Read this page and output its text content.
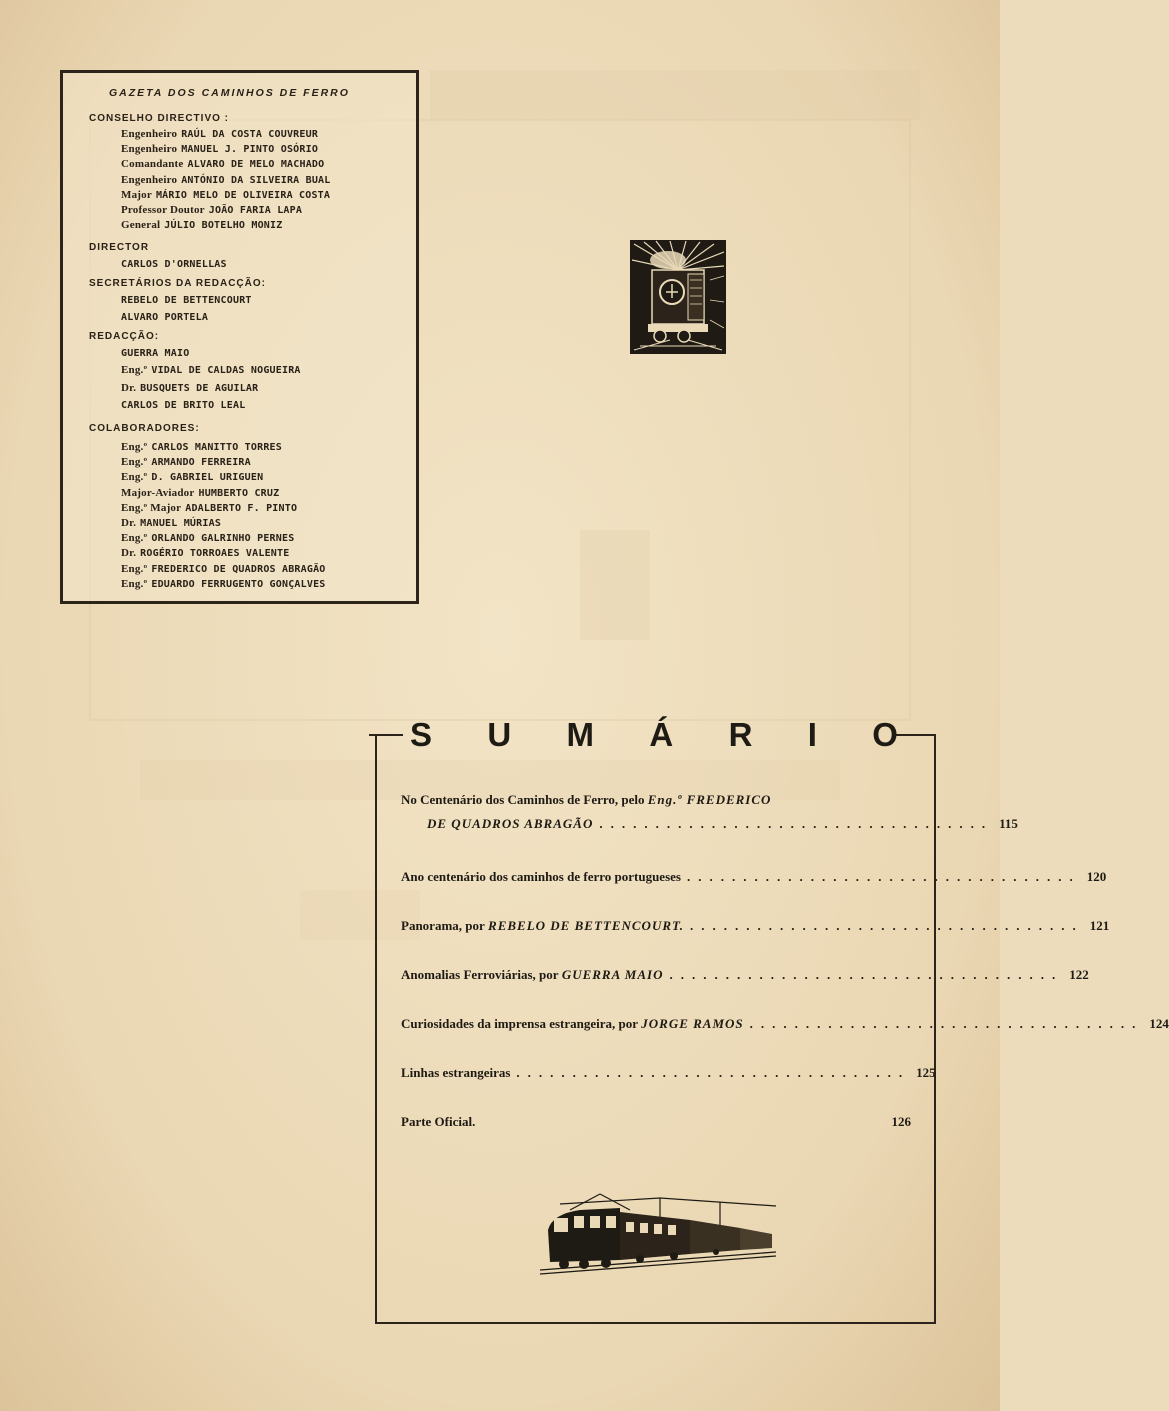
GAZETA DOS CAMINHOS DE FERRO
CONSELHO DIRECTIVO :
Engenheiro RAÚL DA COSTA COUVREUR
Engenheiro MANUEL J. PINTO OSÓRIO
Comandante ALVARO DE MELO MACHADO
Engenheiro ANTÓNIO DA SILVEIRA BUAL
Major MÁRIO MELO DE OLIVEIRA COSTA
Professor Doutor JOÃO FARIA LAPA
General JÚLIO BOTELHO MONIZ
DIRECTOR
CARLOS D'ORNELLAS
SECRETÁRIOS DA REDACÇÃO:
REBELO DE BETTENCOURT
ALVARO PORTELA
REDACÇÃO:
GUERRA MAIO
Eng.º VIDAL DE CALDAS NOGUEIRA
Dr. BUSQUETS DE AGUILAR
CARLOS DE BRITO LEAL
COLABORADORES:
Eng.º CARLOS MANITTO TORRES
Eng.º ARMANDO FERREIRA
Eng.º D. GABRIEL URIGUEN
Major-Aviador HUMBERTO CRUZ
Eng.º Major ADALBERTO F. PINTO
Dr. MANUEL MÚRIAS
Eng.º ORLANDO GALRINHO PERNES
Dr. ROGÉRIO TORROAES VALENTE
Eng.º FREDERICO DE QUADROS ABRAGÃO
Eng.º EDUARDO FERRUGENTO GONÇALVES
S U M Á R I O
No Centenário dos Caminhos de Ferro, pelo
Eng.º FREDERICO
DE QUADROS ABRAGÃO ................................... 115
Ano centenário dos caminhos de ferro portugueses ................................... 120
Panorama, por
REBELO DE BETTENCOURT. ................................... 121
Anomalias Ferroviárias, por
GUERRA MAIO ................................... 122
Curiosidades da imprensa estrangeira, por
JORGE RAMOS ................................... 124
Linhas estrangeiras ................................... 125
Parte Oficial.	126
